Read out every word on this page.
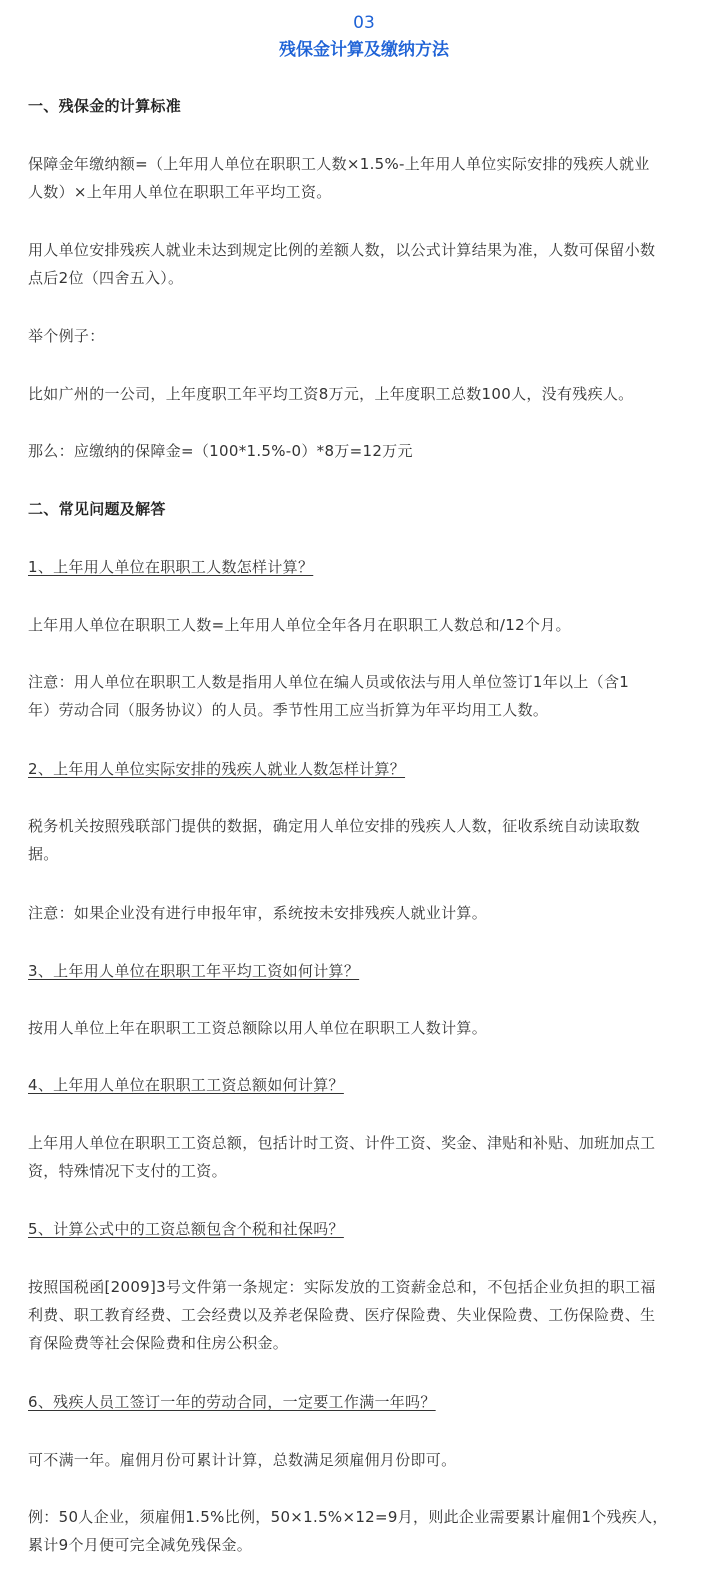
03
残保金计算及缴纳方法
一、残保金的计算标准
保障金年缴纳额=（上年用人单位在职职工人数×1.5%-上年用人单位实际安排的残疾人就业
人数）×上年用人单位在职职工年平均工资。
用人单位安排残疾人就业未达到规定比例的差额人数，以公式计算结果为准，人数可保留小数
点后2位（四舍五入）。
举个例子：
比如广州的一公司，上年度职工年平均工资8万元，上年度职工总数100人，没有残疾人。
那么：应缴纳的保障金=（100*1.5%-0）*8万=12万元
二、常见问题及解答
1、上年用人单位在职职工人数怎样计算？
上年用人单位在职职工人数=上年用人单位全年各月在职职工人数总和/12个月。
注意：用人单位在职职工人数是指用人单位在编人员或依法与用人单位签订1年以上（含1
年）劳动合同（服务协议）的人员。季节性用工应当折算为年平均用工人数。
2、上年用人单位实际安排的残疾人就业人数怎样计算？
税务机关按照残联部门提供的数据，确定用人单位安排的残疾人人数，征收系统自动读取数
据。
注意：如果企业没有进行申报年审，系统按未安排残疾人就业计算。
3、上年用人单位在职职工年平均工资如何计算？
按用人单位上年在职职工工资总额除以用人单位在职职工人数计算。
4、上年用人单位在职职工工资总额如何计算？
上年用人单位在职职工工资总额，包括计时工资、计件工资、奖金、津贴和补贴、加班加点工
资，特殊情况下支付的工资。
5、计算公式中的工资总额包含个税和社保吗？
按照国税函[2009]3号文件第一条规定：实际发放的工资薪金总和，不包括企业负担的职工福
利费、职工教育经费、工会经费以及养老保险费、医疗保险费、失业保险费、工伤保险费、生
育保险费等社会保险费和住房公积金。
6、残疾人员工签订一年的劳动合同，一定要工作满一年吗？
可不满一年。雇佣月份可累计计算，总数满足须雇佣月份即可。
例：50人企业，须雇佣1.5%比例，50×1.5%×12=9月，则此企业需要累计雇佣1个残疾人，
累计9个月便可完全减免残保金。
